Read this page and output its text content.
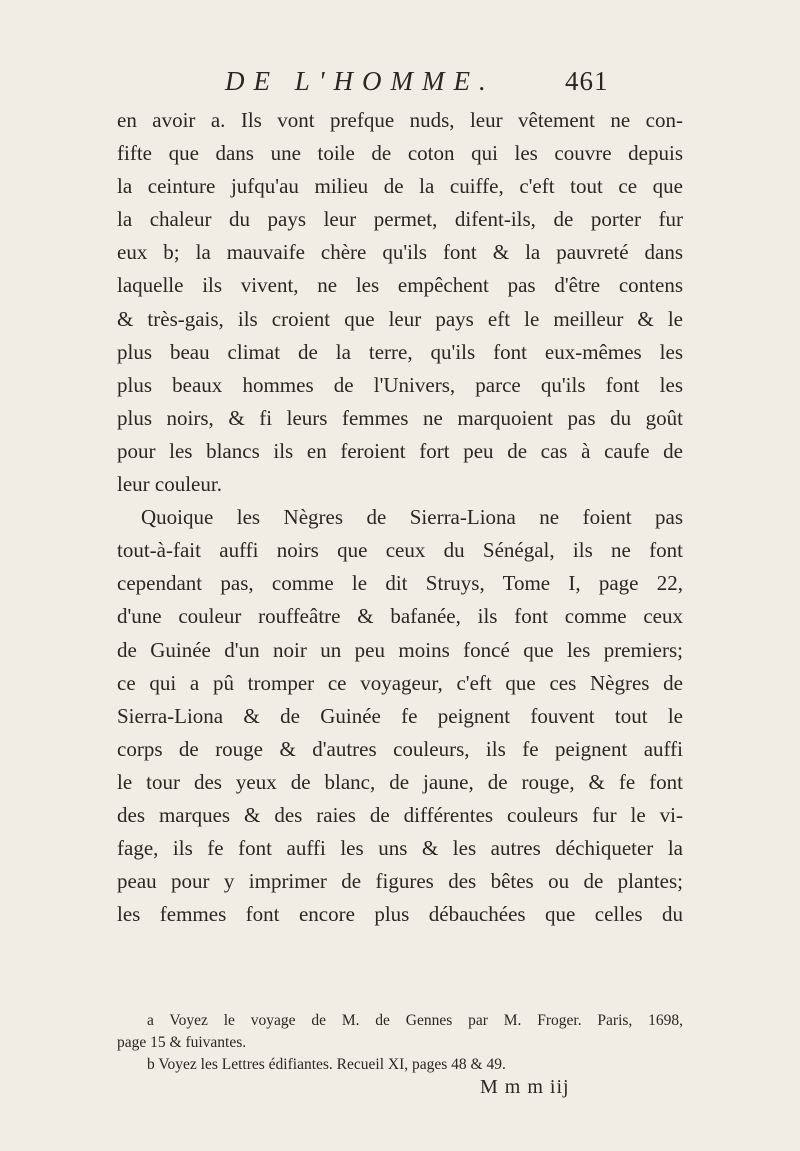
DE L'HOMME.	461
en avoir a. Ils vont prefque nuds, leur vêtement ne con-
fifte que dans une toile de coton qui les couvre depuis
la ceinture jufqu'au milieu de la cuiffe, c'eft tout ce que
la chaleur du pays leur permet, difent-ils, de porter fur
eux b; la mauvaife chère qu'ils font & la pauvreté dans
laquelle ils vivent, ne les empêchent pas d'être contens
& très-gais, ils croient que leur pays eft le meilleur & le
plus beau climat de la terre, qu'ils font eux-mêmes les
plus beaux hommes de l'Univers, parce qu'ils font les
plus noirs, & fi leurs femmes ne marquoient pas du goût
pour les blancs ils en feroient fort peu de cas à caufe de
leur couleur.
Quoique les Nègres de Sierra-Liona ne foient pas
tout-à-fait auffi noirs que ceux du Sénégal, ils ne font
cependant pas, comme le dit Struys, Tome I, page 22,
d'une couleur rouffeâtre & bafanée, ils font comme ceux
de Guinée d'un noir un peu moins foncé que les premiers;
ce qui a pû tromper ce voyageur, c'eft que ces Nègres de
Sierra-Liona & de Guinée fe peignent fouvent tout le
corps de rouge & d'autres couleurs, ils fe peignent auffi
le tour des yeux de blanc, de jaune, de rouge, & fe font
des marques & des raies de différentes couleurs fur le vi-
fage, ils fe font auffi les uns & les autres déchiqueter la
peau pour y imprimer de figures des bêtes ou de plantes;
les femmes font encore plus débauchées que celles du
a Voyez le voyage de M. de Gennes par M. Froger. Paris, 1698,
page 15 & fuivantes.
b Voyez les Lettres édifiantes. Recueil XI, pages 48 & 49.
M m m iij
